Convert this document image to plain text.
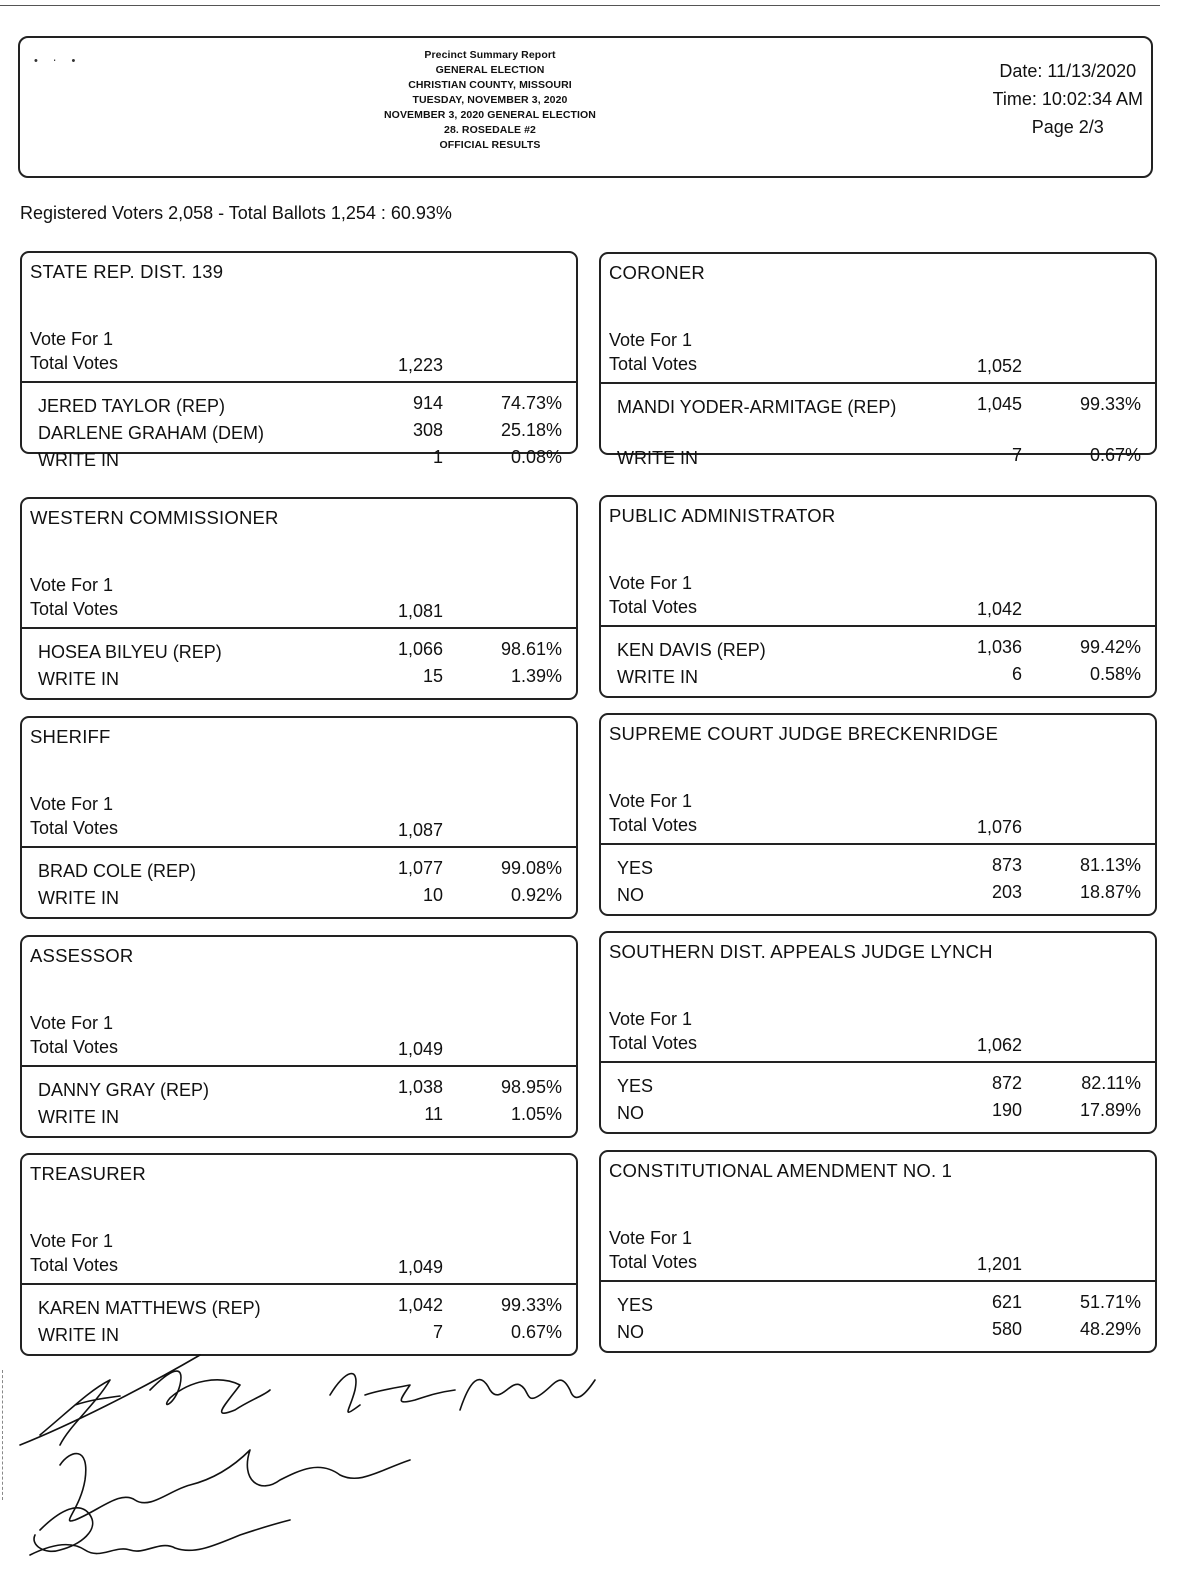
• ⋅ •	Precinct Summary Report
GENERAL ELECTION
CHRISTIAN COUNTY, MISSOURI
TUESDAY, NOVEMBER 3, 2020
NOVEMBER 3, 2020 GENERAL ELECTION
28. ROSEDALE #2
OFFICIAL RESULTS
Date: 11/13/2020
Time: 10:02:34 AM
Page 2/3
Registered Voters 2,058 - Total Ballots 1,254 : 60.93%
STATE REP. DIST. 139
Vote For 1
Total Votes	1,223
JERED TAYLOR (REP)	914	74.73%
DARLENE GRAHAM (DEM)	308	25.18%
WRITE IN	1	0.08%
WESTERN COMMISSIONER
Vote For 1
Total Votes	1,081
HOSEA BILYEU (REP)	1,066	98.61%
WRITE IN	15	1.39%
SHERIFF
Vote For 1
Total Votes	1,087
BRAD COLE (REP)	1,077	99.08%
WRITE IN	10	0.92%
ASSESSOR
Vote For 1
Total Votes	1,049
DANNY GRAY (REP)	1,038	98.95%
WRITE IN	11	1.05%
TREASURER
Vote For 1
Total Votes	1,049
KAREN MATTHEWS (REP)	1,042	99.33%
WRITE IN	7	0.67%
CORONER
Vote For 1
Total Votes	1,052
MANDI YODER-ARMITAGE (REP)	1,045	99.33%
WRITE IN	7	0.67%
PUBLIC ADMINISTRATOR
Vote For 1
Total Votes	1,042
KEN DAVIS (REP)	1,036	99.42%
WRITE IN	6	0.58%
SUPREME COURT JUDGE BRECKENRIDGE
Vote For 1
Total Votes	1,076
YES	873	81.13%
NO	203	18.87%
SOUTHERN DIST. APPEALS JUDGE LYNCH
Vote For 1
Total Votes	1,062
YES	872	82.11%
NO	190	17.89%
CONSTITUTIONAL AMENDMENT NO. 1
Vote For 1
Total Votes	1,201
YES	621	51.71%
NO	580	48.29%
